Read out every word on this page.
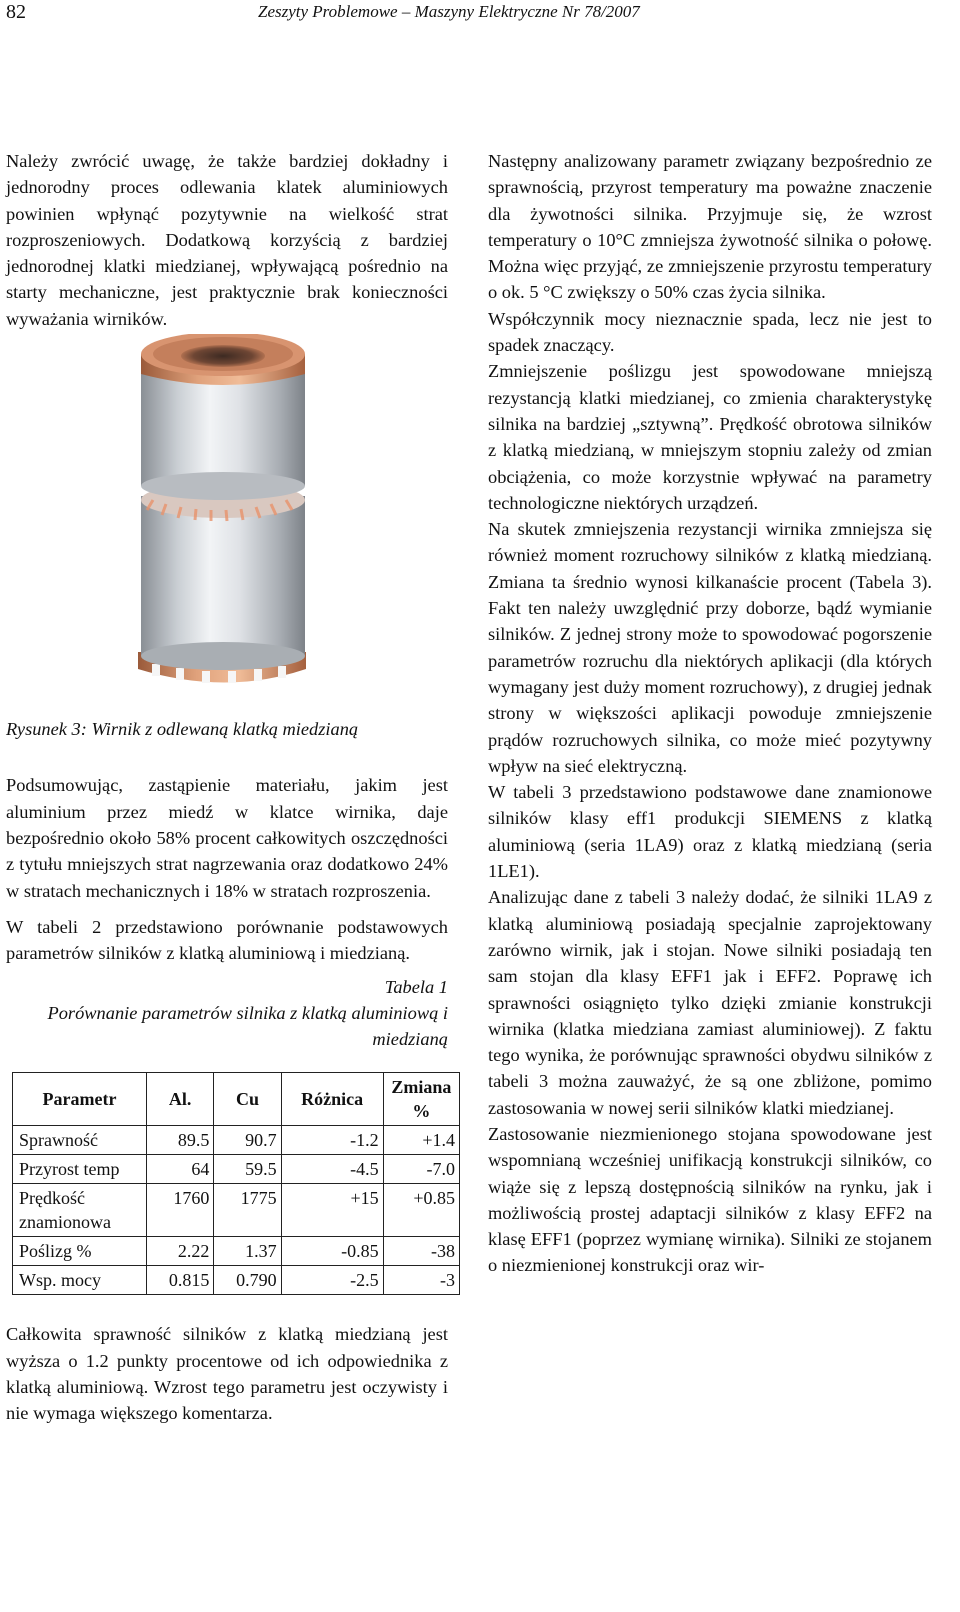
82	Zeszyty Problemowe – Maszyny Elektryczne Nr 78/2007

Należy zwrócić uwagę, że także bardziej dokładny i jednorodny proces odlewania klatek aluminiowych powinien wpłynąć pozytywnie na wielkość strat rozproszeniowych. Dodatkową korzyścią z bardziej jednorodnej klatki miedzianej, wpływającą pośrednio na starty mechaniczne, jest praktycznie brak konieczności wyważania wirników.

Rysunek 3: Wirnik z odlewaną klatką miedzianą

Podsumowując, zastąpienie materiału, jakim jest aluminium przez miedź w klatce wirnika, daje bezpośrednio około 58% procent całkowitych oszczędności z tytułu mniejszych strat nagrzewania oraz dodatkowo 24% w stratach mechanicznych i 18% w stratach rozproszenia.

W tabeli 2 przedstawiono porównanie podstawowych parametrów silników z klatką aluminiową i miedzianą.

Tabela 1
Porównanie parametrów silnika z klatką aluminiową i miedzianą
Parametr	Al.	Cu	Różnica	Zmiana %
Sprawność	89.5	90.7	-1.2	+1.4
Przyrost temp	64	59.5	-4.5	-7.0
Prędkość znamionowa	1760	1775	+15	+0.85
Poślizg %	2.22	1.37	-0.85	-38
Wsp. mocy	0.815	0.790	-2.5	-3

Całkowita sprawność silników z klatką miedzianą jest wyższa o 1.2 punkty procentowe od ich odpowiednika z klatką aluminiową. Wzrost tego parametru jest oczywisty i nie wymaga większego komentarza.

Następny analizowany parametr związany bezpośrednio ze sprawnością, przyrost temperatury ma poważne znaczenie dla żywotności silnika. Przyjmuje się, że wzrost temperatury o 10°C zmniejsza żywotność silnika o połowę. Można więc przyjąć, ze zmniejszenie przyrostu temperatury o ok. 5 °C zwiększy o 50% czas życia silnika.

Współczynnik mocy nieznacznie spada, lecz nie jest to spadek znaczący.

Zmniejszenie poślizgu jest spowodowane mniejszą rezystancją klatki miedzianej, co zmienia charakterystykę silnika na bardziej „sztywną”. Prędkość obrotowa silników z klatką miedzianą, w mniejszym stopniu zależy od zmian obciążenia, co może korzystnie wpływać na parametry technologiczne niektórych urządzeń.

Na skutek zmniejszenia rezystancji wirnika zmniejsza się również moment rozruchowy silników z klatką miedzianą. Zmiana ta średnio wynosi kilkanaście procent (Tabela 3). Fakt ten należy uwzględnić przy doborze, bądź wymianie silników. Z jednej strony może to spowodować pogorszenie parametrów rozruchu dla niektórych aplikacji (dla których wymagany jest duży moment rozruchowy), z drugiej jednak strony w większości aplikacji powoduje zmniejszenie prądów rozruchowych silnika, co może mieć pozytywny wpływ na sieć elektryczną.

W tabeli 3 przedstawiono podstawowe dane znamionowe silników klasy eff1 produkcji SIEMENS z klatką aluminiową (seria 1LA9) oraz z klatką miedzianą (seria 1LE1).

Analizując dane z tabeli 3 należy dodać, że silniki 1LA9 z klatką aluminiową posiadają specjalnie zaprojektowany zarówno wirnik, jak i stojan. Nowe silniki posiadają ten sam stojan dla klasy EFF1 jak i EFF2. Poprawę ich sprawności osiągnięto tylko dzięki zmianie konstrukcji wirnika (klatka miedziana zamiast aluminiowej). Z faktu tego wynika, że porównując sprawności obydwu silników z tabeli 3 można zauważyć, że są one zbliżone, pomimo zastosowania w nowej serii silników klatki miedzianej.

Zastosowanie niezmienionego stojana spowodowane jest wspomnianą wcześniej unifikacją konstrukcji silników, co wiąże się z lepszą dostępnością silników na rynku, jak i możliwością prostej adaptacji silników z klasy EFF2 na klasę EFF1 (poprzez wymianę wirnika). Silniki ze stojanem o niezmienionej konstrukcji oraz wir-
